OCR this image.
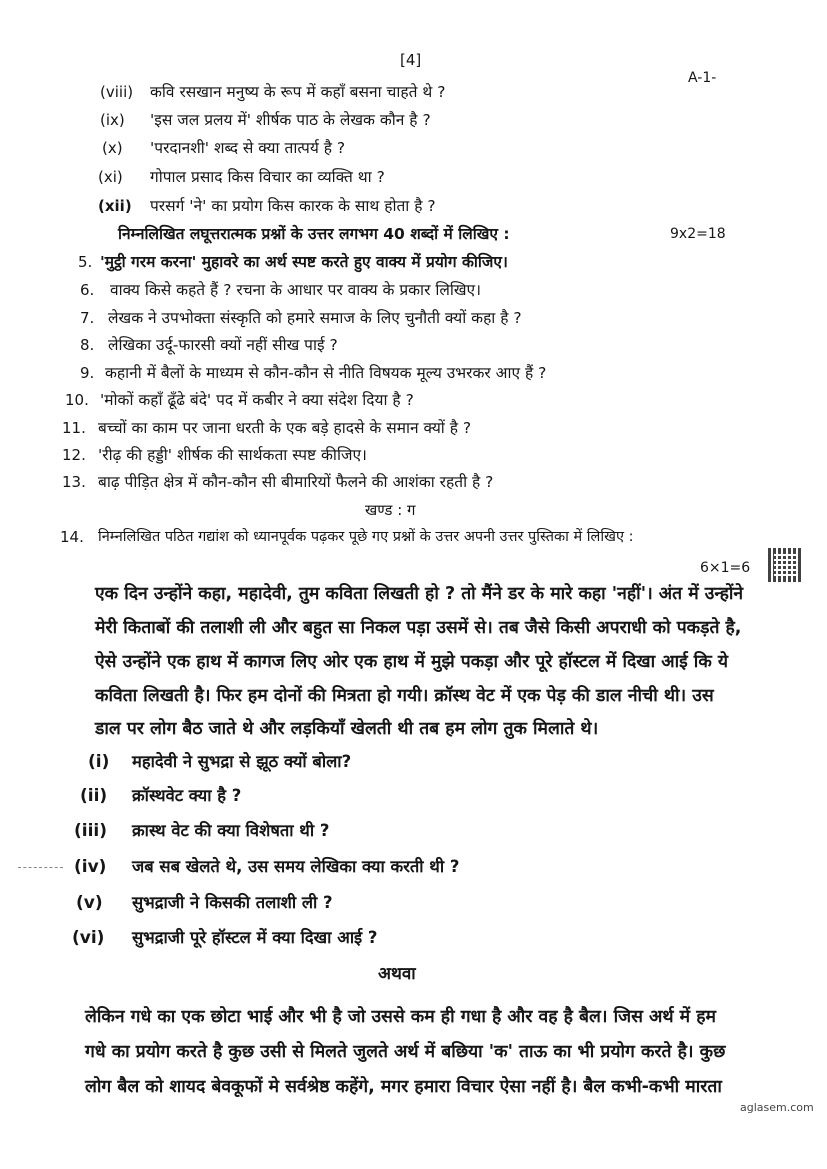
[4]
A-1-
(viii) कवि रसखान मनुष्य के रूप में कहाँ बसना चाहते थे ?
(ix) 'इस जल प्रलय में' शीर्षक पाठ के लेखक कौन है ?
(x) 'परदानशी' शब्द से क्या तात्पर्य है ?
(xi) गोपाल प्रसाद किस विचार का व्यक्ति था ?
(xii) परसर्ग 'ने' का प्रयोग किस कारक के साथ होता है ?
निम्नलिखित लघूत्तरात्मक प्रश्नों के उत्तर लगभग 40 शब्दों में लिखिए :	9x2=18
5. 'मुट्ठी गरम करना' मुहावरे का अर्थ स्पष्ट करते हुए वाक्य में प्रयोग कीजिए।
6. वाक्य किसे कहते हैं ? रचना के आधार पर वाक्य के प्रकार लिखिए।
7. लेखक ने उपभोक्ता संस्कृति को हमारे समाज के लिए चुनौती क्यों कहा है ?
8. लेखिका उर्दू-फारसी क्यों नहीं सीख पाई ?
9. कहानी में बैलों के माध्यम से कौन-कौन से नीति विषयक मूल्य उभरकर आए हैं ?
10. 'मोकों कहाँ ढूँढे बंदे' पद में कबीर ने क्या संदेश दिया है ?
11. बच्चों का काम पर जाना धरती के एक बड़े हादसे के समान क्यों है ?
12. 'रीढ़ की हड्डी' शीर्षक की सार्थकता स्पष्ट कीजिए।
13. बाढ़ पीड़ित क्षेत्र में कौन-कौन सी बीमारियों फैलने की आशंका रहती है ?
खण्ड : ग
14. निम्नलिखित पठित गद्यांश को ध्यानपूर्वक पढ़कर पूछे गए प्रश्नों के उत्तर अपनी उत्तर पुस्तिका में लिखिए :
6×1=6
एक दिन उन्होंने कहा, महादेवी, तुम कविता लिखती हो ? तो मैंने डर के मारे कहा 'नहीं'। अंत में उन्होंने
मेरी किताबों की तलाशी ली और बहुत सा निकल पड़ा उसमें से। तब जैसे किसी अपराधी को पकड़ते है,
ऐसे उन्होंने एक हाथ में कागज लिए ओर एक हाथ में मुझे पकड़ा और पूरे हॉस्टल में दिखा आई कि ये
कविता लिखती है। फिर हम दोनों की मित्रता हो गयी। क्रॉस्थ वेट में एक पेड़ की डाल नीची थी। उस
डाल पर लोग बैठ जाते थे और लड़कियाँ खेलती थी तब हम लोग तुक मिलाते थे।
(i) महादेवी ने सुभद्रा से झूठ क्यों बोला?
(ii) क्रॉस्थवेट क्या है ?
(iii) क्रास्थ वेट की क्या विशेषता थी ?
(iv) जब सब खेलते थे, उस समय लेखिका क्या करती थी ?
(v) सुभद्राजी ने किसकी तलाशी ली ?
(vi) सुभद्राजी पूरे हॉस्टल में क्या दिखा आई ?
अथवा
लेकिन गधे का एक छोटा भाई और भी है जो उससे कम ही गधा है और वह है बैल। जिस अर्थ में हम
गधे का प्रयोग करते है कुछ उसी से मिलते जुलते अर्थ में बछिया 'क' ताऊ का भी प्रयोग करते है। कुछ
लोग बैल को शायद बेवकूफों मे सर्वश्रेष्ठ कहेंगे, मगर हमारा विचार ऐसा नहीं है। बैल कभी-कभी मारता
aglasem.com
